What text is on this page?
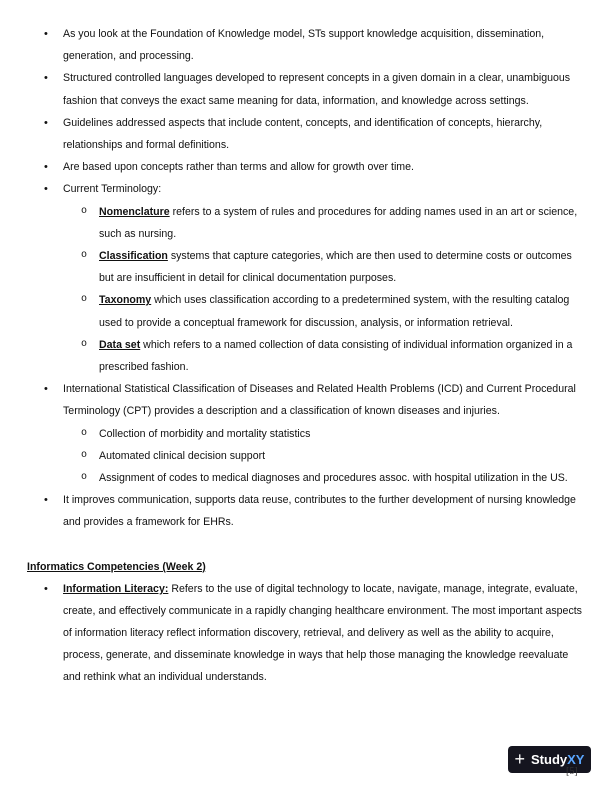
• As you look at the Foundation of Knowledge model, STs support knowledge acquisition, dissemination, generation, and processing.
• Structured controlled languages developed to represent concepts in a given domain in a clear, unambiguous fashion that conveys the exact same meaning for data, information, and knowledge across settings.
• Guidelines addressed aspects that include content, concepts, and identification of concepts, hierarchy, relationships and formal definitions.
• Are based upon concepts rather than terms and allow for growth over time.
• Current Terminology:
o Nomenclature refers to a system of rules and procedures for adding names used in an art or science, such as nursing.
o Classification systems that capture categories, which are then used to determine costs or outcomes but are insufficient in detail for clinical documentation purposes.
o Taxonomy which uses classification according to a predetermined system, with the resulting catalog used to provide a conceptual framework for discussion, analysis, or information retrieval.
o Data set which refers to a named collection of data consisting of individual information organized in a prescribed fashion.
• International Statistical Classification of Diseases and Related Health Problems (ICD) and Current Procedural Terminology (CPT) provides a description and a classification of known diseases and injuries.
o Collection of morbidity and mortality statistics
o Automated clinical decision support
o Assignment of codes to medical diagnoses and procedures assoc. with hospital utilization in the US.
• It improves communication, supports data reuse, contributes to the further development of nursing knowledge and provides a framework for EHRs.
Informatics Competencies (Week 2)
• Information Literacy: Refers to the use of digital technology to locate, navigate, manage, integrate, evaluate, create, and effectively communicate in a rapidly changing healthcare environment. The most important aspects of information literacy reflect information discovery, retrieval, and delivery as well as the ability to acquire, process, generate, and disseminate knowledge in ways that help those managing the knowledge reevaluate and rethink what an individual understands.
+ StudyXY
[5]
